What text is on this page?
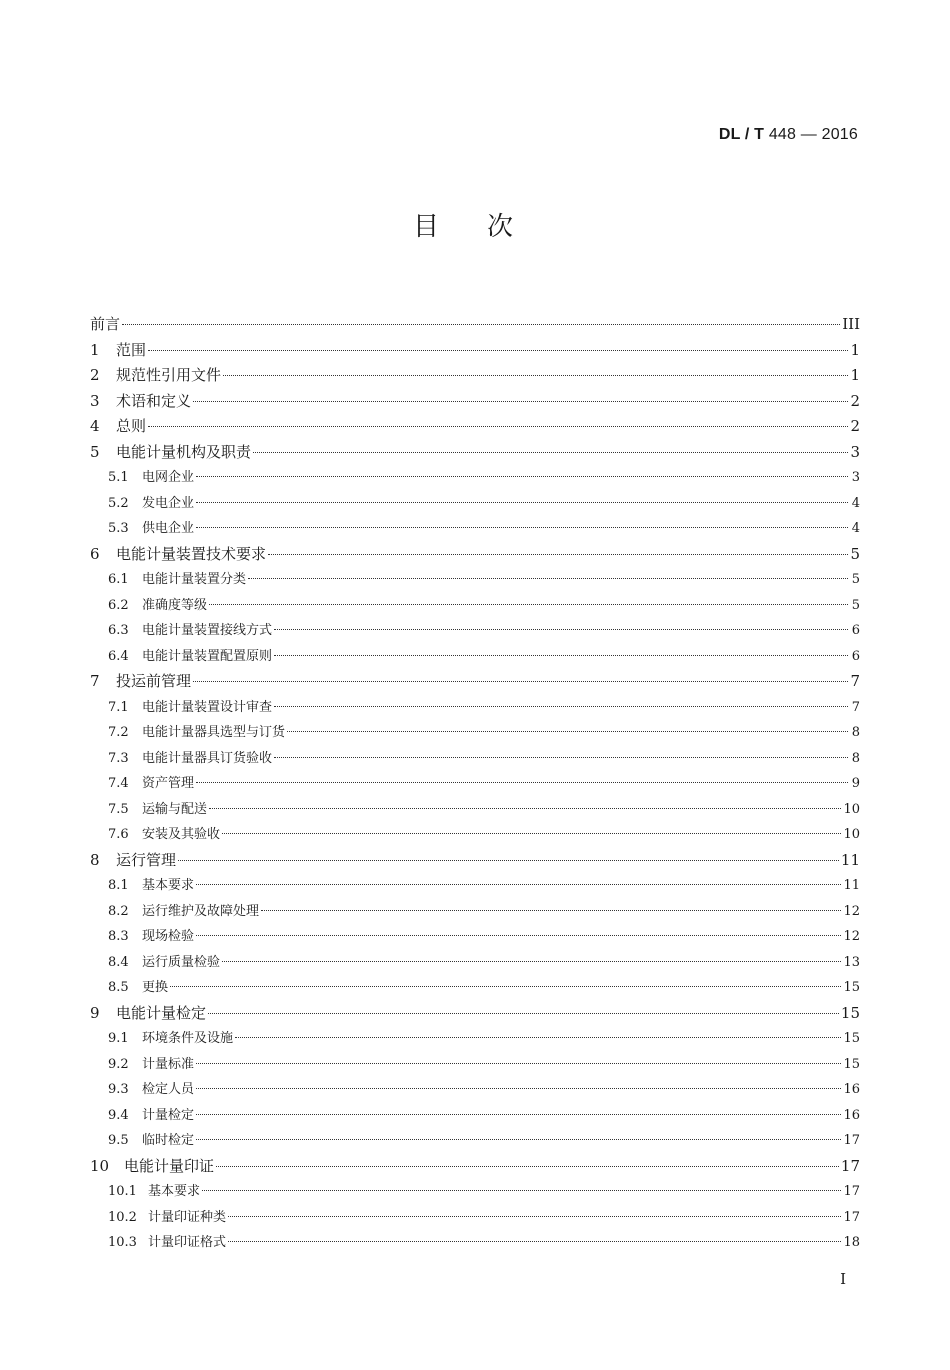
DL / T 448 — 2016
目次
前言	III
1	范围	1
2	规范性引用文件	1
3	术语和定义	2
4	总则	2
5	电能计量机构及职责	3
5.1	电网企业	3
5.2	发电企业	4
5.3	供电企业	4
6	电能计量装置技术要求	5
6.1	电能计量装置分类	5
6.2	准确度等级	5
6.3	电能计量装置接线方式	6
6.4	电能计量装置配置原则	6
7	投运前管理	7
7.1	电能计量装置设计审查	7
7.2	电能计量器具选型与订货	8
7.3	电能计量器具订货验收	8
7.4	资产管理	9
7.5	运输与配送	10
7.6	安装及其验收	10
8	运行管理	11
8.1	基本要求	11
8.2	运行维护及故障处理	12
8.3	现场检验	12
8.4	运行质量检验	13
8.5	更换	15
9	电能计量检定	15
9.1	环境条件及设施	15
9.2	计量标准	15
9.3	检定人员	16
9.4	计量检定	16
9.5	临时检定	17
10 电能计量印证	17
10.1 基本要求	17
10.2 计量印证种类	17
10.3 计量印证格式	18
I
